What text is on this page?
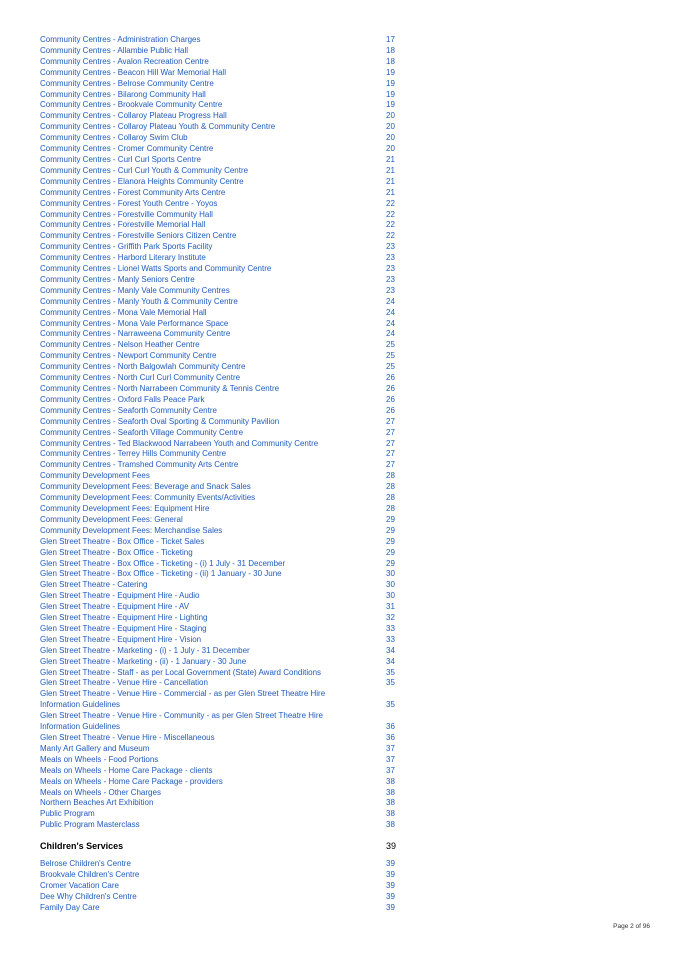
Community Centres - Administration Charges	17
Community Centres - Allambie Public Hall	18
Community Centres - Avalon Recreation Centre	18
Community Centres - Beacon Hill War Memorial Hall	19
Community Centres - Belrose Community Centre	19
Community Centres - Bilarong Community Hall	19
Community Centres - Brookvale Community Centre	19
Community Centres - Collaroy Plateau Progress Hall	20
Community Centres - Collaroy Plateau Youth & Community Centre	20
Community Centres - Collaroy Swim Club	20
Community Centres - Cromer Community Centre	20
Community Centres - Curl Curl Sports Centre	21
Community Centres - Curl Curl Youth & Community Centre	21
Community Centres - Elanora Heights Community Centre	21
Community Centres - Forest Community Arts Centre	21
Community Centres - Forest Youth Centre - Yoyos	22
Community Centres - Forestville Community Hall	22
Community Centres - Forestville Memorial Hall	22
Community Centres - Forestville Seniors Citizen Centre	22
Community Centres - Griffith Park Sports Facility	23
Community Centres - Harbord Literary Institute	23
Community Centres - Lionel Watts Sports and Community Centre	23
Community Centres - Manly Seniors Centre	23
Community Centres - Manly Vale Community Centres	23
Community Centres - Manly Youth & Community Centre	24
Community Centres - Mona Vale Memorial Hall	24
Community Centres - Mona Vale Performance Space	24
Community Centres - Narraweena Community Centre	24
Community Centres - Nelson Heather Centre	25
Community Centres - Newport Community Centre	25
Community Centres - North Balgowlah Community Centre	25
Community Centres - North Curl Curl Community Centre	26
Community Centres - North Narrabeen Community & Tennis Centre	26
Community Centres - Oxford Falls Peace Park	26
Community Centres - Seaforth Community Centre	26
Community Centres - Seaforth Oval Sporting & Community Pavilion	27
Community Centres - Seaforth Village Community Centre	27
Community Centres - Ted Blackwood Narrabeen Youth and Community Centre	27
Community Centres - Terrey Hills Community Centre	27
Community Centres - Tramshed Community Arts Centre	27
Community Development Fees	28
Community Development Fees: Beverage and Snack Sales	28
Community Development Fees: Community Events/Activities	28
Community Development Fees: Equipment Hire	28
Community Development Fees: General	29
Community Development Fees: Merchandise Sales	29
Glen Street Theatre - Box Office - Ticket Sales	29
Glen Street Theatre - Box Office - Ticketing	29
Glen Street Theatre - Box Office - Ticketing - (i) 1 July - 31 December	29
Glen Street Theatre - Box Office - Ticketing - (ii) 1 January - 30 June	30
Glen Street Theatre - Catering	30
Glen Street Theatre - Equipment Hire - Audio	30
Glen Street Theatre - Equipment Hire - AV	31
Glen Street Theatre - Equipment Hire - Lighting	32
Glen Street Theatre - Equipment Hire - Staging	33
Glen Street Theatre - Equipment Hire - Vision	33
Glen Street Theatre - Marketing - (i) - 1 July - 31 December	34
Glen Street Theatre - Marketing - (ii) - 1 January - 30 June	34
Glen Street Theatre - Staff - as per Local Government (State) Award Conditions	35
Glen Street Theatre - Venue Hire - Cancellation	35
Glen Street Theatre - Venue Hire - Commercial - as per Glen Street Theatre Hire Information Guidelines	35
Glen Street Theatre - Venue Hire - Community - as per Glen Street Theatre Hire Information Guidelines	36
Glen Street Theatre - Venue Hire - Miscellaneous	36
Manly Art Gallery and Museum	37
Meals on Wheels - Food Portions	37
Meals on Wheels - Home Care Package - clients	37
Meals on Wheels - Home Care Package - providers	38
Meals on Wheels - Other Charges	38
Northern Beaches Art Exhibition	38
Public Program	38
Public Program Masterclass	38
Children's Services	39
Belrose Children's Centre	39
Brookvale Children's Centre	39
Cromer Vacation Care	39
Dee Why Children's Centre	39
Family Day Care	39
Page 2 of 96
